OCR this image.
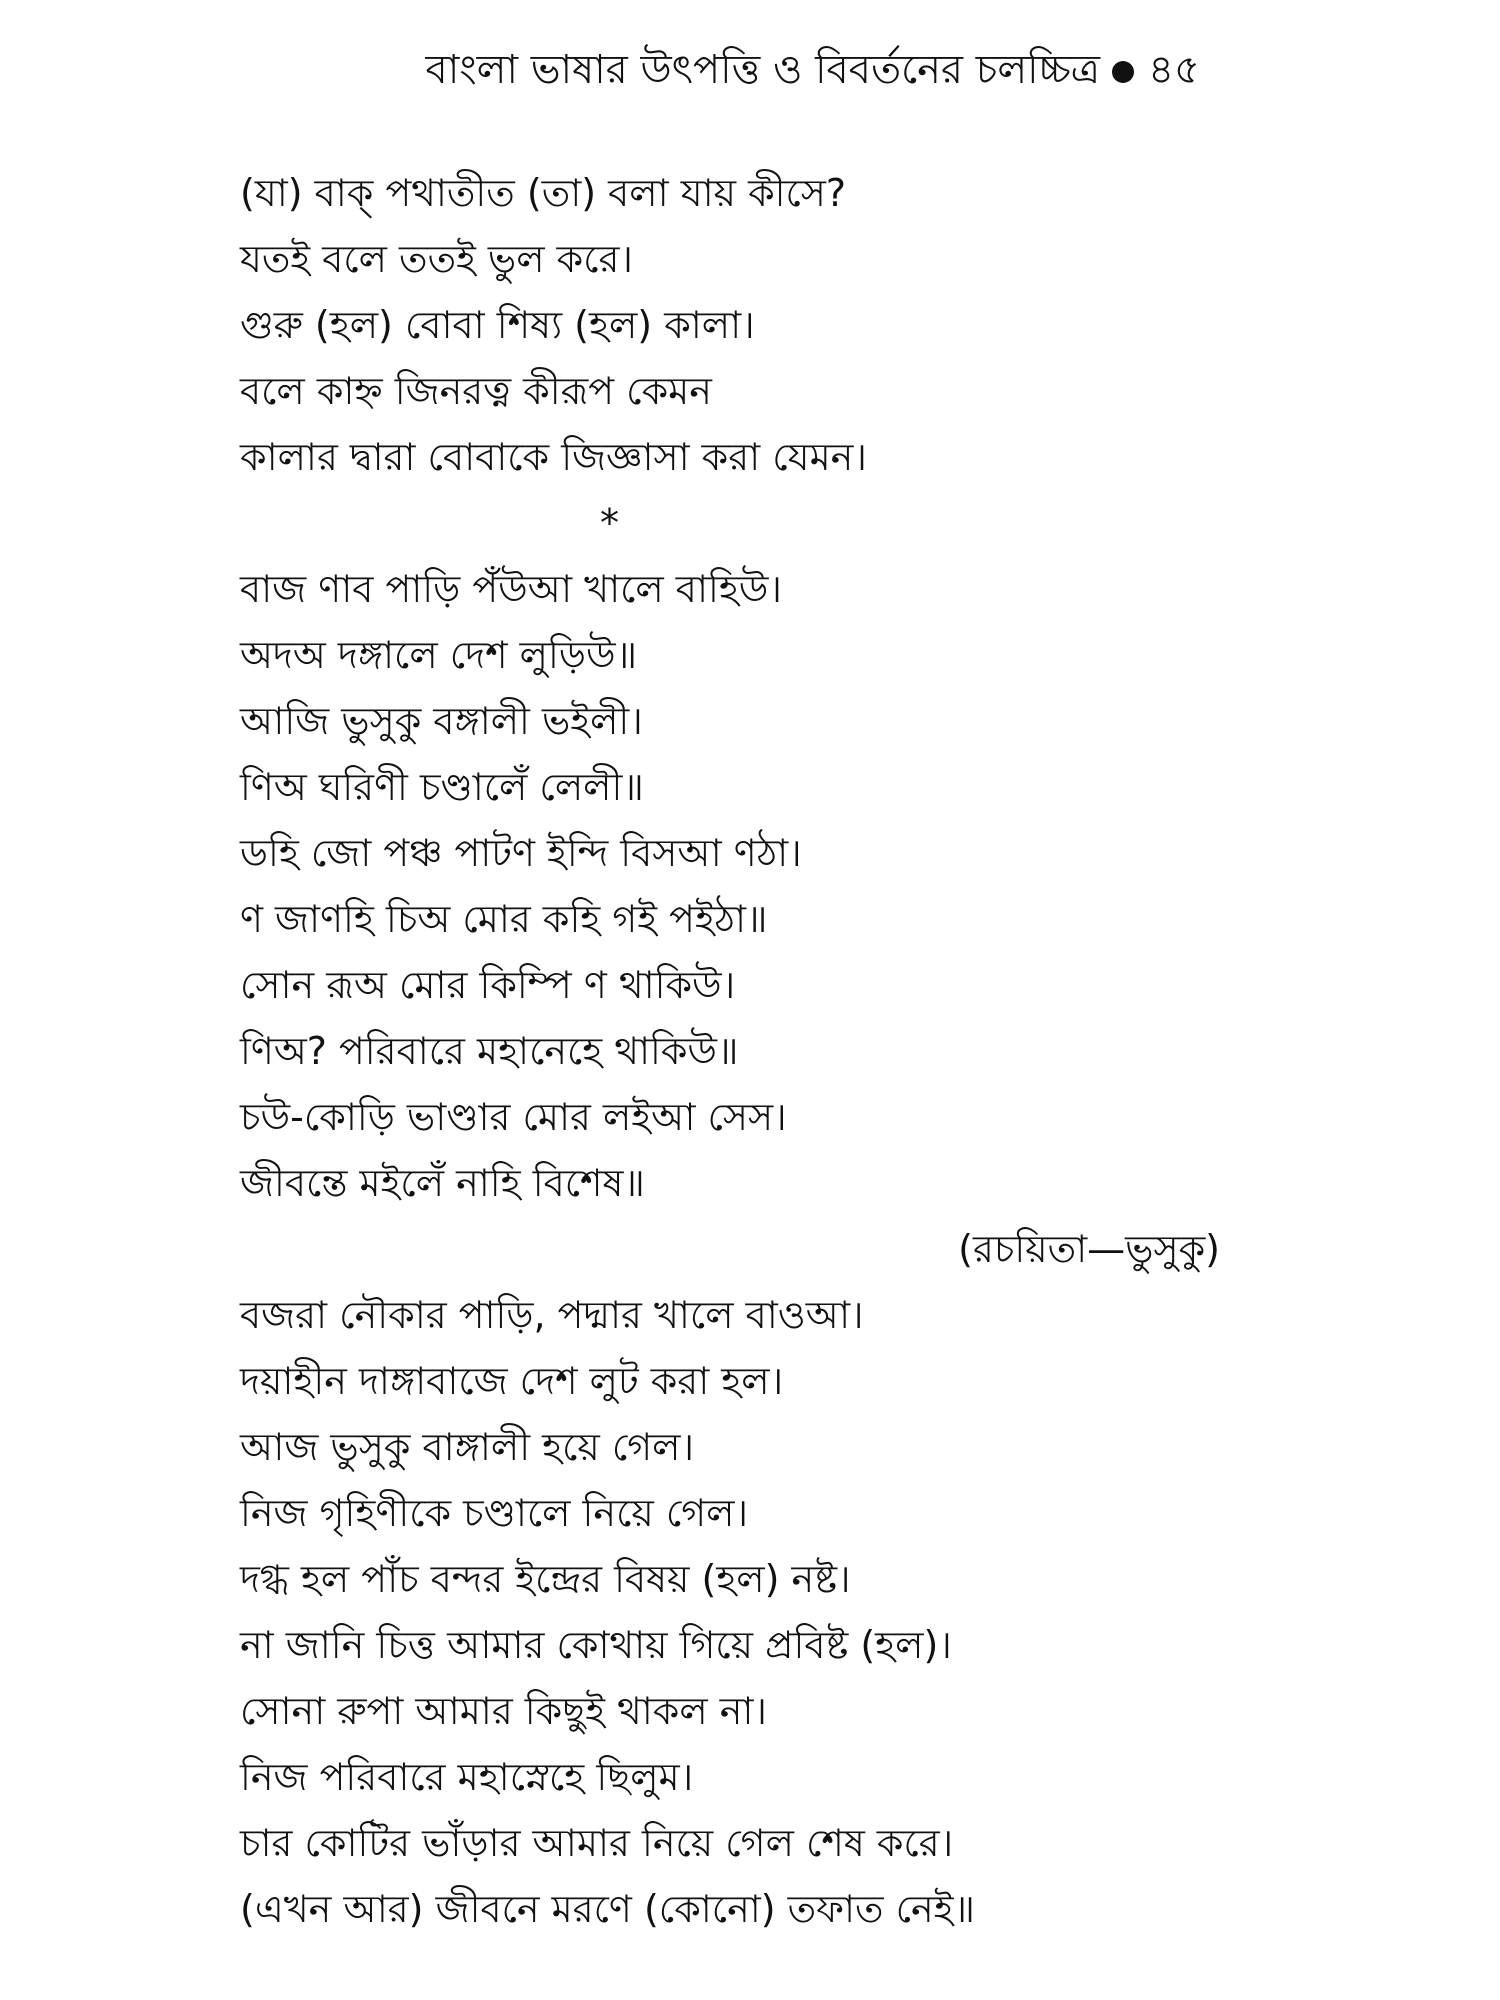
বাংলা ভাষার উৎপত্তি ও বিবর্তনের চলচ্চিত্র ৪৫
(যা) বাক্ পথাতীত (তা) বলা যায় কীসে?
যতই বলে ততই ভুল করে।
গুরু (হল) বোবা শিষ্য (হল) কালা।
বলে কাহ্ন জিনরত্ন কীরূপ কেমন
কালার দ্বারা বোবাকে জিজ্ঞাসা করা যেমন।
*
বাজ ণাব পাড়ি পঁউআ খালে বাহিউ।
অদঅ দঙ্গালে দেশ লুড়িউ॥
আজি ভুসুকু বঙ্গালী ভইলী।
ণিঅ ঘরিণী চণ্ডালেঁ লেলী॥
ডহি জো পঞ্চ পাটণ ইন্দি বিসআ ণঠা।
ণ জাণহি চিঅ মোর কহি গই পইঠা॥
সোন রূঅ মোর কিম্পি ণ থাকিউ।
ণিঅ? পরিবারে মহানেহে থাকিউ॥
চউ-কোড়ি ভাণ্ডার মোর লইআ সেস।
জীবন্তে মইলেঁ নাহি বিশেষ॥
(রচয়িতা—ভুসুকু)
বজরা নৌকার পাড়ি, পদ্মার খালে বাওআ।
দয়াহীন দাঙ্গাবাজে দেশ লুট করা হল।
আজ ভুসুকু বাঙ্গালী হয়ে গেল।
নিজ গৃহিণীকে চণ্ডালে নিয়ে গেল।
দগ্ধ হল পাঁচ বন্দর ইন্দ্রের বিষয় (হল) নষ্ট।
না জানি চিত্ত আমার কোথায় গিয়ে প্রবিষ্ট (হল)।
সোনা রুপা আমার কিছুই থাকল না।
নিজ পরিবারে মহাস্নেহে ছিলুম।
চার কোটির ভাঁড়ার আমার নিয়ে গেল শেষ করে।
(এখন আর) জীবনে মরণে (কোনো) তফাত নেই॥
